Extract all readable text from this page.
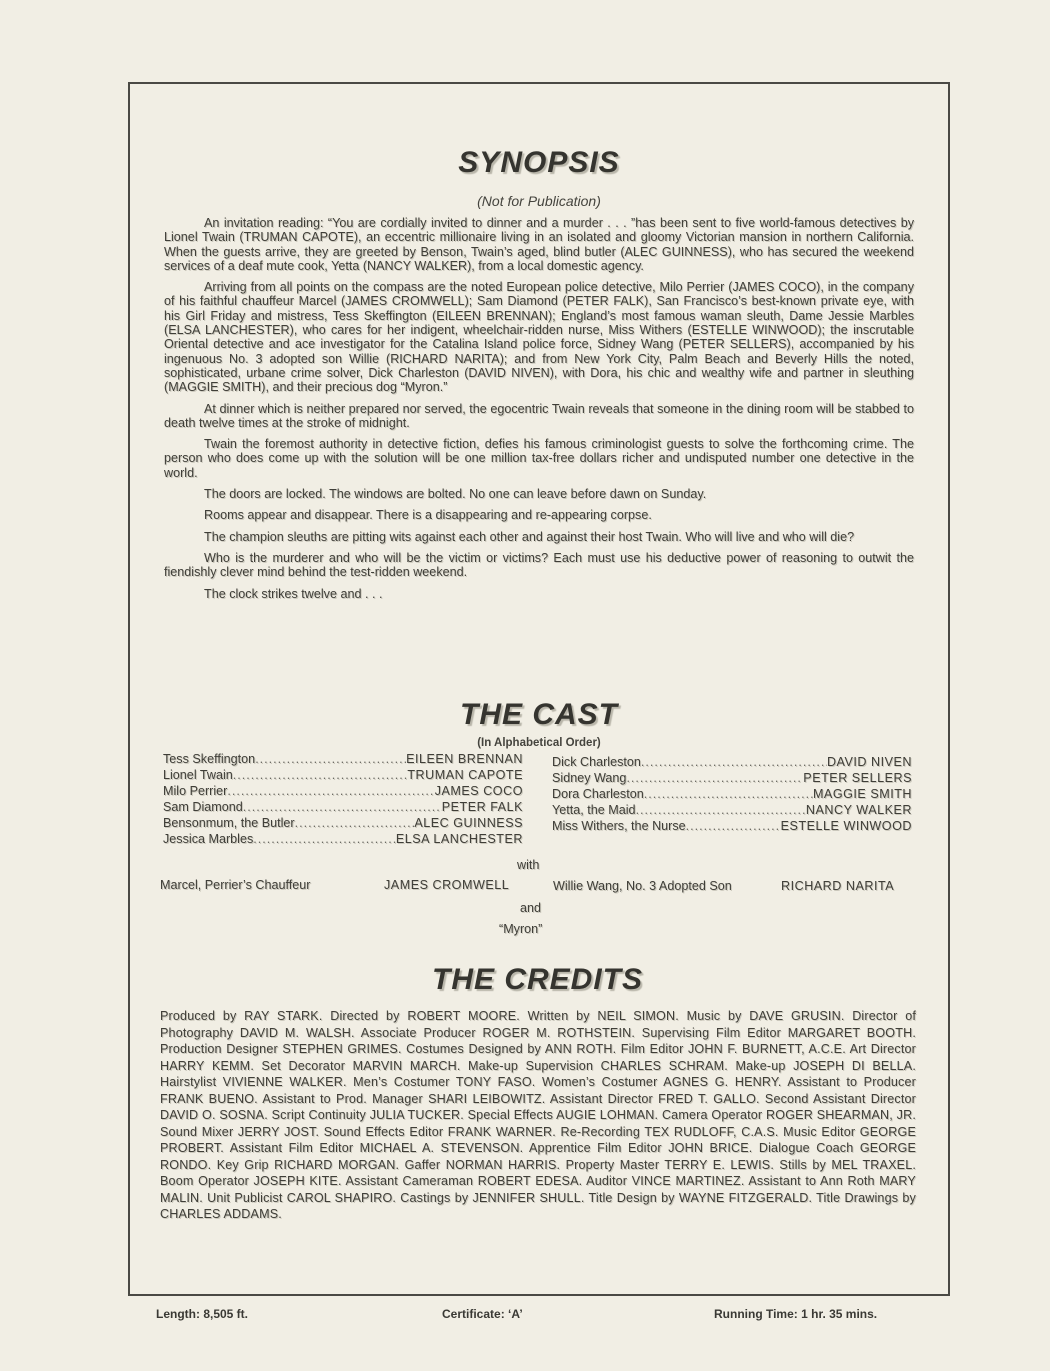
SYNOPSIS
(Not for Publication)

An invitation reading: “You are cordially invited to dinner and a murder . . . ”has been sent to five world-famous detectives by Lionel Twain (TRUMAN CAPOTE), an eccentric millionaire living in an isolated and gloomy Victorian mansion in northern California. When the guests arrive, they are greeted by Benson, Twain’s aged, blind butler (ALEC GUINNESS), who has secured the weekend services of a deaf mute cook, Yetta (NANCY WALKER), from a local domestic agency.

Arriving from all points on the compass are the noted European police detective, Milo Perrier (JAMES COCO), in the company of his faithful chauffeur Marcel (JAMES CROMWELL); Sam Diamond (PETER FALK), San Francisco’s best-known private eye, with his Girl Friday and mistress, Tess Skeffington (EILEEN BRENNAN); England’s most famous waman sleuth, Dame Jessie Marbles (ELSA LANCHESTER), who cares for her indigent, wheelchair-ridden nurse, Miss Withers (ESTELLE WINWOOD); the inscrutable Oriental detective and ace investigator for the Catalina Island police force, Sidney Wang (PETER SELLERS), accompanied by his ingenuous No. 3 adopted son Willie (RICHARD NARITA); and from New York City, Palm Beach and Beverly Hills the noted, sophisticated, urbane crime solver, Dick Charleston (DAVID NIVEN), with Dora, his chic and wealthy wife and partner in sleuthing (MAGGIE SMITH), and their precious dog “Myron.”

At dinner which is neither prepared nor served, the egocentric Twain reveals that someone in the dining room will be stabbed to death twelve times at the stroke of midnight.

Twain the foremost authority in detective fiction, defies his famous criminologist guests to solve the forthcoming crime. The person who does come up with the solution will be one million tax-free dollars richer and undisputed number one detective in the world.

The doors are locked. The windows are bolted. No one can leave before dawn on Sunday.

Rooms appear and disappear. There is a disappearing and re-appearing corpse.

The champion sleuths are pitting wits against each other and against their host Twain. Who will live and who will die?

Who is the murderer and who will be the victim or victims? Each must use his deductive power of reasoning to outwit the fiendishly clever mind behind the test-ridden weekend.

The clock strikes twelve and . . .

THE CAST
(In Alphabetical Order)
Tess Skeffington .....	EILEEN BRENNAN
Lionel Twain .....	TRUMAN CAPOTE
Milo Perrier .....	JAMES COCO
Sam Diamond .....	PETER FALK
Bensonmum, the Butler .....	ALEC GUINNESS
Jessica Marbles .....	ELSA LANCHESTER
Dick Charleston .....	DAVID NIVEN
Sidney Wang .....	PETER SELLERS
Dora Charleston .....	MAGGIE SMITH
Yetta, the Maid .....	NANCY WALKER
Miss Withers, the Nurse .....	ESTELLE WINWOOD
with
Marcel, Perrier’s Chauffeur	JAMES CROMWELL	Willie Wang, No. 3 Adopted Son	RICHARD NARITA
and
“Myron”
THE CREDITS
Produced by RAY STARK. Directed by ROBERT MOORE. Written by NEIL SIMON. Music by DAVE GRUSIN. Director of Photography DAVID M. WALSH. Associate Producer ROGER M. ROTHSTEIN. Supervising Film Editor MARGARET BOOTH. Production Designer STEPHEN GRIMES. Costumes Designed by ANN ROTH. Film Editor JOHN F. BURNETT, A.C.E. Art Director HARRY KEMM. Set Decorator MARVIN MARCH. Make-up Supervision CHARLES SCHRAM. Make-up JOSEPH DI BELLA. Hairstylist VIVIENNE WALKER. Men’s Costumer TONY FASO. Women’s Costumer AGNES G. HENRY. Assistant to Producer FRANK BUENO. Assistant to Prod. Manager SHARI LEIBOWITZ. Assistant Director FRED T. GALLO. Second Assistant Director DAVID O. SOSNA. Script Continuity JULIA TUCKER. Special Effects AUGIE LOHMAN. Camera Operator ROGER SHEARMAN, JR. Sound Mixer JERRY JOST. Sound Effects Editor FRANK WARNER. Re-Recording TEX RUDLOFF, C.A.S. Music Editor GEORGE PROBERT. Assistant Film Editor MICHAEL A. STEVENSON. Apprentice Film Editor JOHN BRICE. Dialogue Coach GEORGE RONDO. Key Grip RICHARD MORGAN. Gaffer NORMAN HARRIS. Property Master TERRY E. LEWIS. Stills by MEL TRAXEL. Boom Operator JOSEPH KITE. Assistant Cameraman ROBERT EDESA. Auditor VINCE MARTINEZ. Assistant to Ann Roth MARY MALIN. Unit Publicist CAROL SHAPIRO. Castings by JENNIFER SHULL. Title Design by WAYNE FITZGERALD. Title Drawings by CHARLES ADDAMS.
Length: 8,505 ft.	Certificate: ‘A’	Running Time: 1 hr. 35 mins.
